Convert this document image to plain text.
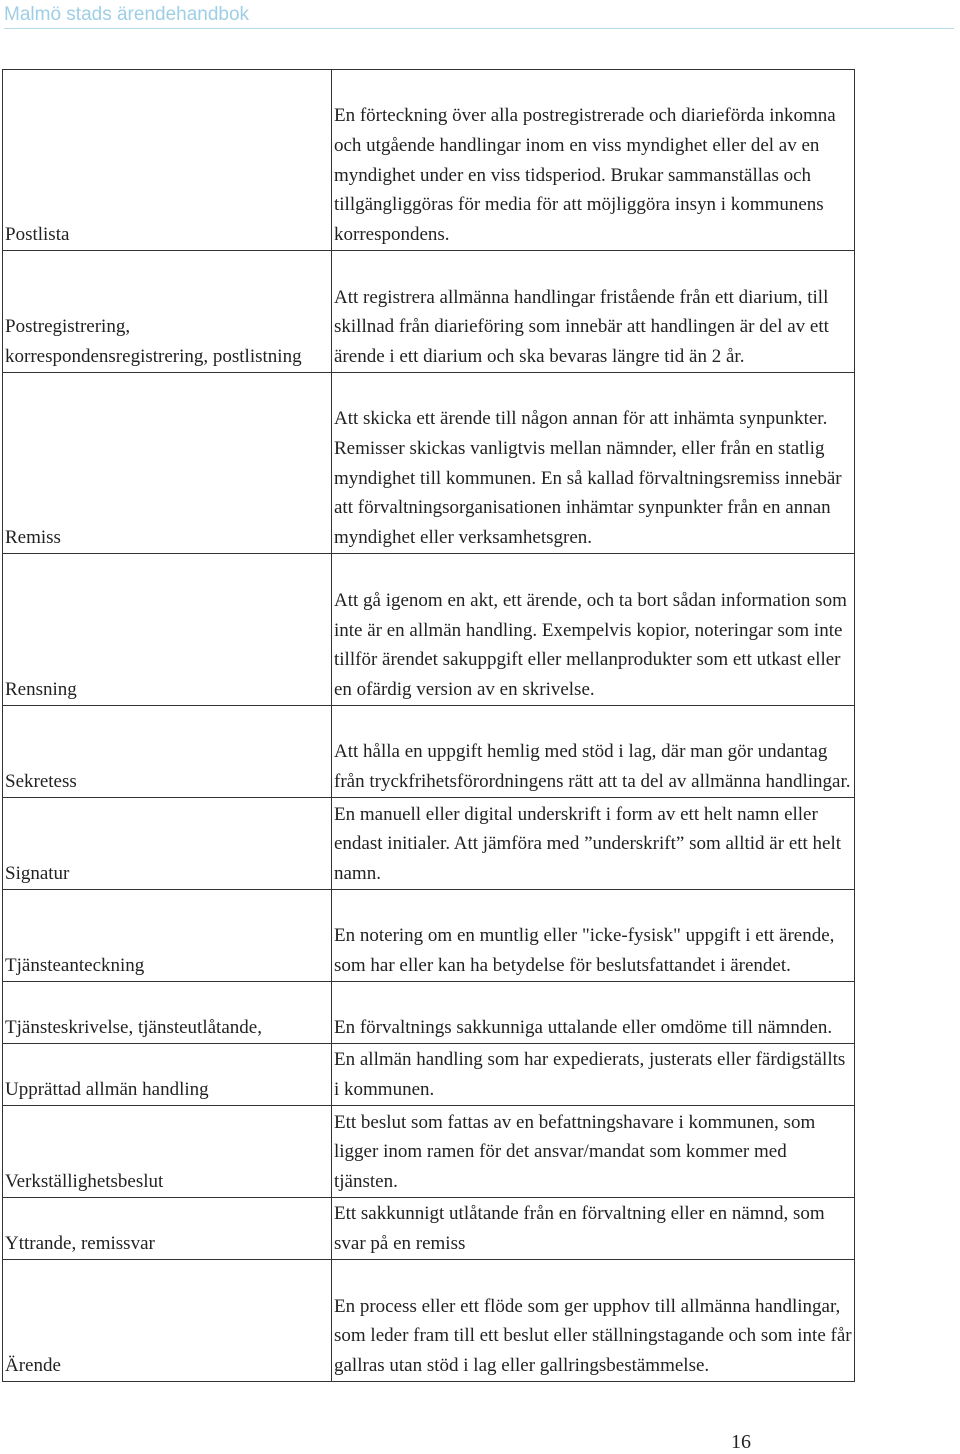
Malmö stads ärendehandbok
Postlista	En förteckning över alla postregistrerade och diarieförda inkomna och utgående handlingar inom en viss myndighet eller del av en myndighet under en viss tidsperiod. Brukar sammanställas och tillgängliggöras för media för att möjliggöra insyn i kommunens korrespondens.
Postregistrering, korrespondensregistrering, postlistning	Att registrera allmänna handlingar fristående från ett diarium, till skillnad från diarieföring som innebär att handlingen är del av ett ärende i ett diarium och ska bevaras längre tid än 2 år.
Remiss	Att skicka ett ärende till någon annan för att inhämta synpunkter. Remisser skickas vanligtvis mellan nämnder, eller från en statlig myndighet till kommunen. En så kallad förvaltningsremiss innebär att förvaltningsorganisationen inhämtar synpunkter från en annan myndighet eller verksamhetsgren.
Rensning	Att gå igenom en akt, ett ärende, och ta bort sådan information som inte är en allmän handling. Exempelvis kopior, noteringar som inte tillför ärendet sakuppgift eller mellanprodukter som ett utkast eller en ofärdig version av en skrivelse.
Sekretess	Att hålla en uppgift hemlig med stöd i lag, där man gör undantag från tryckfrihetsförordningens rätt att ta del av allmänna handlingar.
Signatur	En manuell eller digital underskrift i form av ett helt namn eller endast initialer. Att jämföra med ”underskrift” som alltid är ett helt namn.
Tjänsteanteckning	En notering om en muntlig eller "icke-fysisk" uppgift i ett ärende, som har eller kan ha betydelse för beslutsfattandet i ärendet.
Tjänsteskrivelse, tjänsteutlåtande,	En förvaltnings sakkunniga uttalande eller omdöme till nämnden.
Upprättad allmän handling	En allmän handling som har expedierats, justerats eller färdigställts i kommunen.
Verkställighetsbeslut	Ett beslut som fattas av en befattningshavare i kommunen, som ligger inom ramen för det ansvar/mandat som kommer med tjänsten.
Yttrande, remissvar	Ett sakkunnigt utlåtande från en förvaltning eller en nämnd, som svar på en remiss
Ärende	En process eller ett flöde som ger upphov till allmänna handlingar, som leder fram till ett beslut eller ställningstagande och som inte får gallras utan stöd i lag eller gallringsbestämmelse.
16
